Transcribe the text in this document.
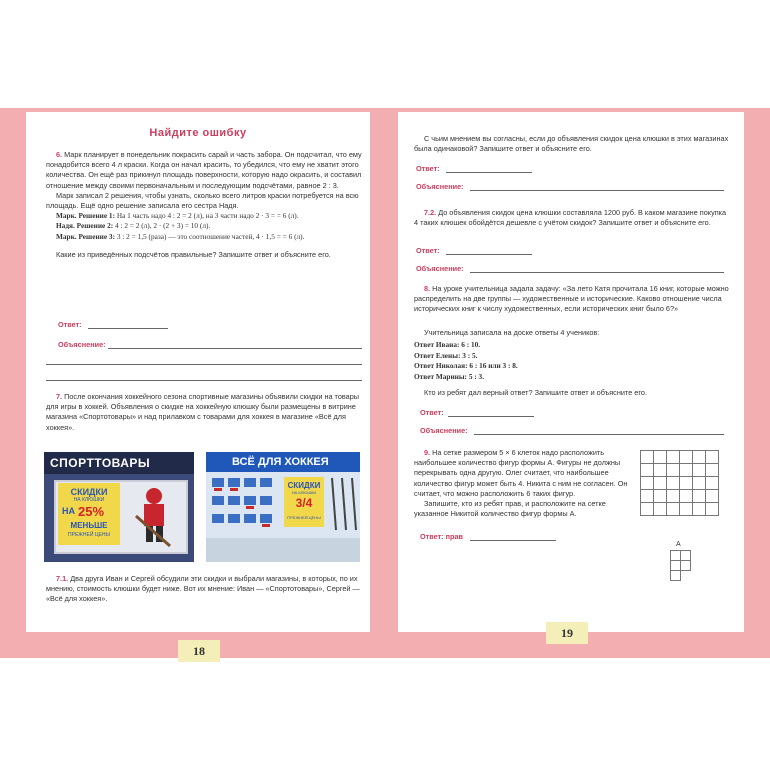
Найдите ошибку
6. Марк планирует в понедельник покрасить сарай и часть забора. Он подсчитал, что ему понадобится всего 4 л краски. Когда он начал красить, то убедился, что ему не хватит этого количества. Он ещё раз прикинул площадь поверхности, которую надо окрасить, и составил отношение между своими первоначальным и последующим подсчётами, равное 2 : 3.
Марк записал 2 решения, чтобы узнать, сколько всего литров краски потребуется на всю площадь. Ещё одно решение записала его сестра Надя.
Марк. Решение 1: На 1 часть надо 4 : 2 = 2 (л), на 3 части надо 2 · 3 = = 6 (л).
Надя. Решение 2: 4 : 2 = 2 (л), 2 · (2 + 3) = 10 (л).
Марк. Решение 3: 3 : 2 = 1,5 (раза) — это соотношение частей, 4 · 1,5 = = 6 (л).
Какие из приведённых подсчётов правильные? Запишите ответ и объясните его.
Ответ:
Объяснение:
7. После окончания хоккейного сезона спортивные магазины объявили скидки на товары для игры в хоккей. Объявления о скидке на хоккейную клюшку были размещены в витрине магазина «Спортотовары» и над прилавком с товарами для хоккея в магазине «Всё для хоккея».
СПОРТТОВАРЫ
СКИДКИ
НА КЛЮШКИ
НА 25%
МЕНЬШЕ
ПРЕЖНЕЙ ЦЕНЫ
ВСЁ ДЛЯ ХОККЕЯ
СКИДКИ
НА КЛЮШКИ
3/4
ПРЕЖНЕЙ ЦЕНЫ
7.1. Два друга Иван и Сергей обсудили эти скидки и выбрали магазины, в которых, по их мнению, стоимость клюшки будет ниже. Вот их мнение: Иван — «Спортотовары», Сергей — «Всё для хоккея».
18
С чьим мнением вы согласны, если до объявления скидок цена клюшки в этих магазинах была одинаковой? Запишите ответ и объясните его.
Ответ:
Объяснение:
7.2. До объявления скидок цена клюшки составляла 1200 руб. В каком магазине покупка 4 таких клюшек обойдётся дешевле с учётом скидок? Запишите ответ и объясните его.
Ответ:
Объяснение:
8. На уроке учительница задала задачу: «За лето Катя прочитала 16 книг, которые можно распределить на две группы — художественные и исторические. Каково отношение числа исторических книг к числу художественных, если исторических книг было 6?»
Учительница записала на доске ответы 4 учеников:
Ответ Ивана: 6 : 10.
Ответ Елены: 3 : 5.
Ответ Николая: 6 : 16 или 3 : 8.
Ответ Марины: 5 : 3.
Кто из ребят дал верный ответ? Запишите ответ и объясните его.
Ответ:
Объяснение:
9. На сетке размером 5 × 6 клеток надо расположить наибольшее количество фигур формы А. Фигуры не должны перекрывать одна другую. Олег считает, что наибольшее количество фигур может быть 4. Никита с ним не согласен. Он считает, что можно расположить 6 таких фигур.
Запишите, кто из ребят прав, и расположите на сетке указанное Никитой количество фигур формы А.
Ответ: прав
А
19
